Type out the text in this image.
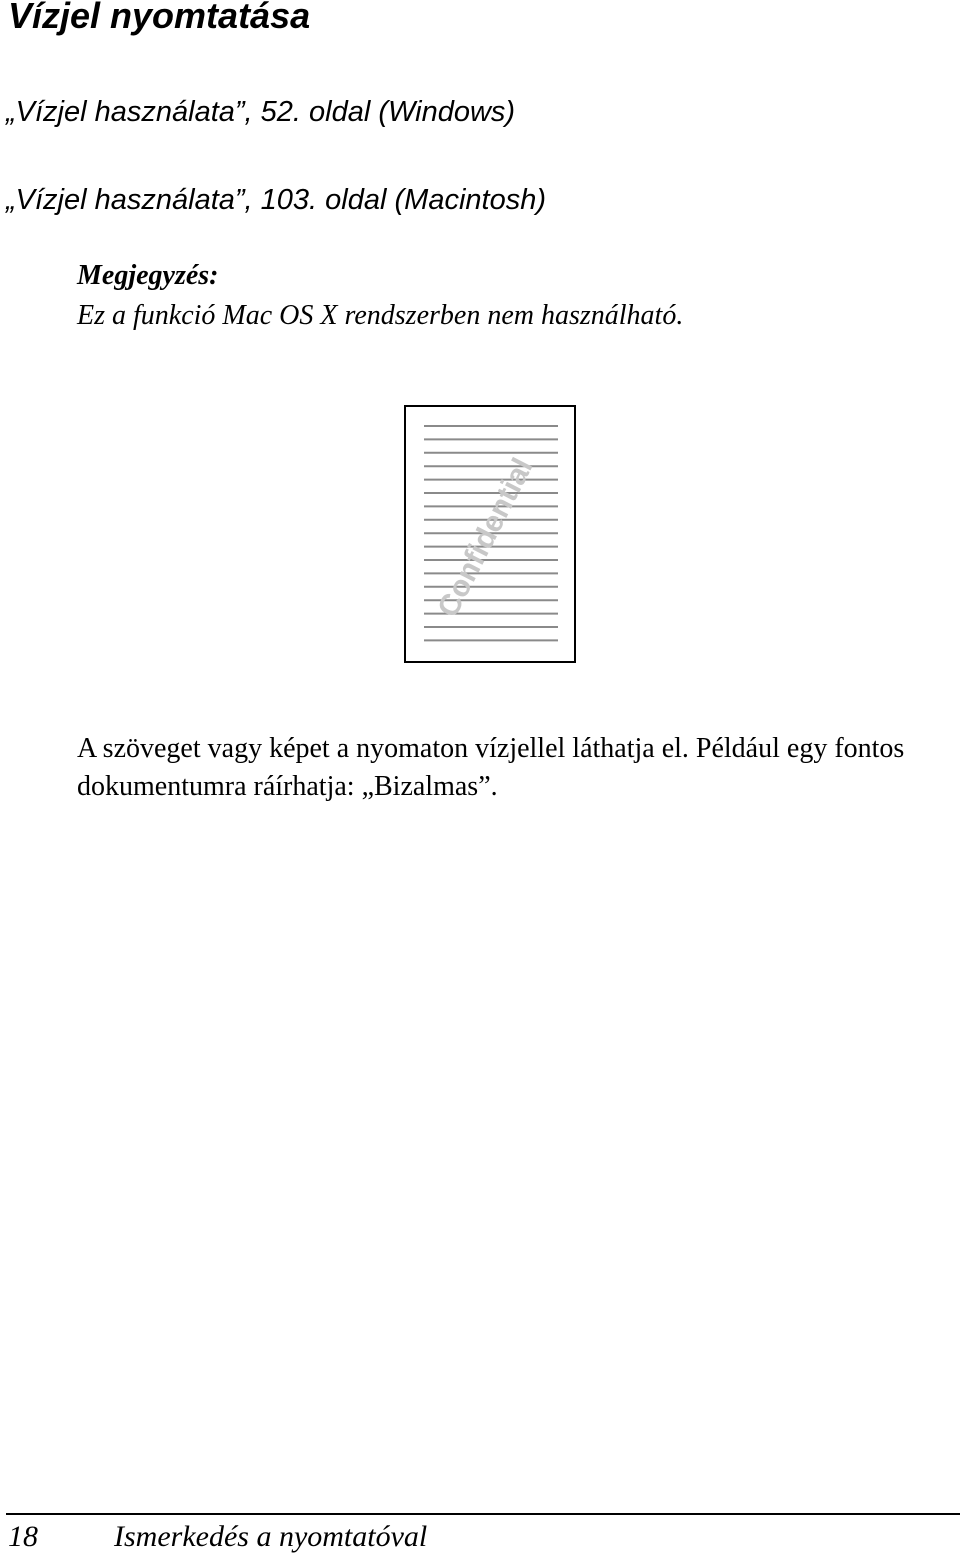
Vízjel nyomtatása

„Vízjel használata”, 52. oldal (Windows)

„Vízjel használata”, 103. oldal (Macintosh)

Megjegyzés:
Ez a funkció Mac OS X rendszerben nem használható.
Confidential

A szöveget vagy képet a nyomaton vízjellel láthatja el. Például egy fontos dokumentumra ráírhatja: „Bizalmas”.

18	Ismerkedés a nyomtatóval
